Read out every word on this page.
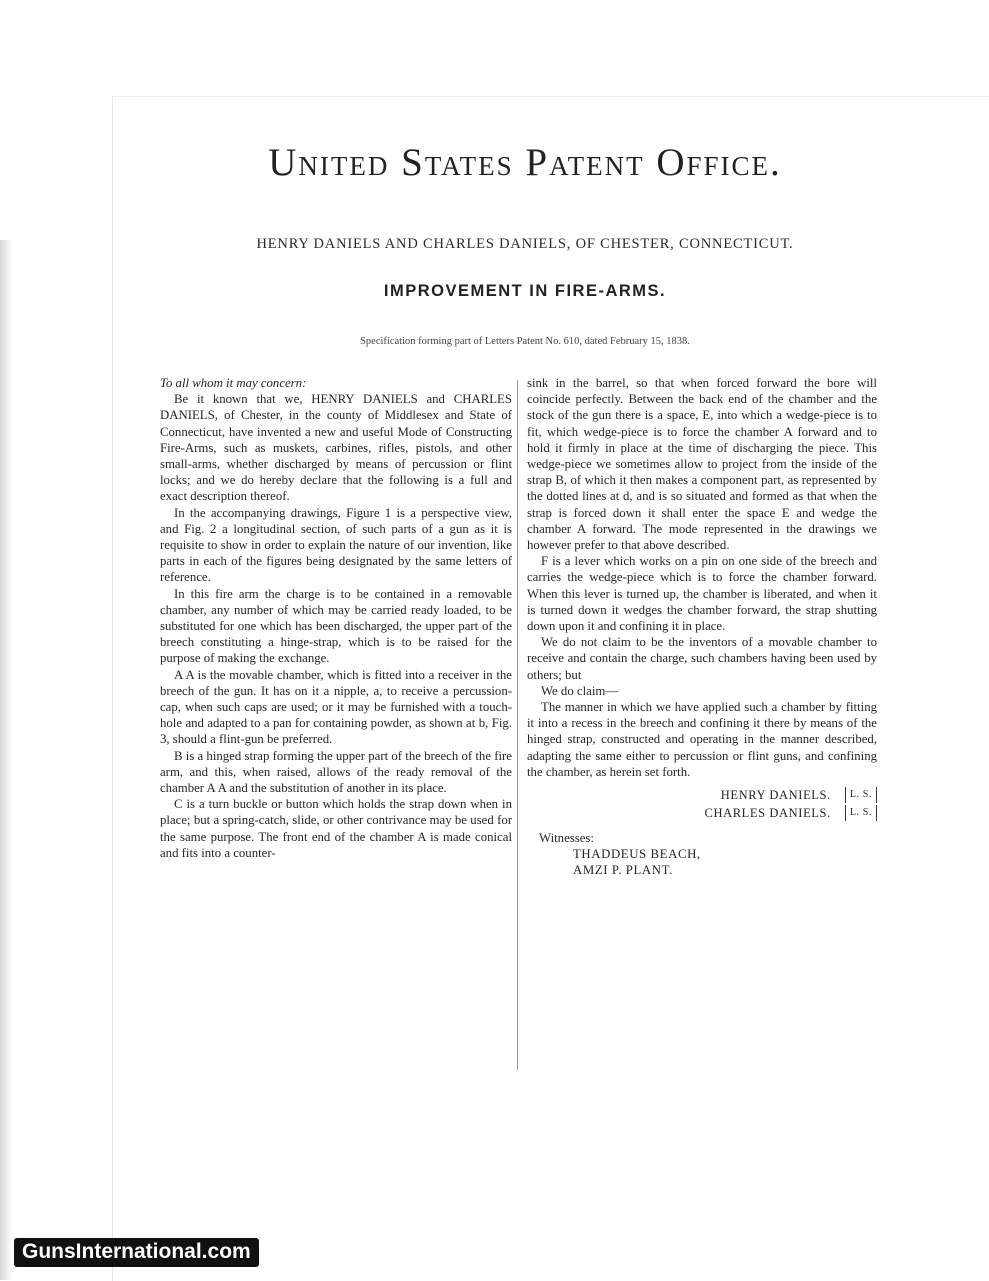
United States Patent Office.
HENRY DANIELS AND CHARLES DANIELS, OF CHESTER, CONNECTICUT.
IMPROVEMENT IN FIRE-ARMS.
Specification forming part of Letters Patent No. 610, dated February 15, 1838.

To all whom it may concern:

Be it known that we, HENRY DANIELS and CHARLES DANIELS, of Chester, in the county of Middlesex and State of Connecticut, have invented a new and useful Mode of Constructing Fire-Arms, such as muskets, carbines, rifles, pistols, and other small-arms, whether discharged by means of percussion or flint locks; and we do hereby declare that the following is a full and exact description thereof.

In the accompanying drawings, Figure 1 is a perspective view, and Fig. 2 a longitudinal section, of such parts of a gun as it is requisite to show in order to explain the nature of our invention, like parts in each of the figures being designated by the same letters of reference.

In this fire arm the charge is to be contained in a removable chamber, any number of which may be carried ready loaded, to be substituted for one which has been discharged, the upper part of the breech constituting a hinge-strap, which is to be raised for the purpose of making the exchange.

A A is the movable chamber, which is fitted into a receiver in the breech of the gun. It has on it a nipple, a, to receive a percussion-cap, when such caps are used; or it may be furnished with a touch-hole and adapted to a pan for containing powder, as shown at b, Fig. 3, should a flint-gun be preferred.

B is a hinged strap forming the upper part of the breech of the fire arm, and this, when raised, allows of the ready removal of the chamber A A and the substitution of another in its place.

C is a turn buckle or button which holds the strap down when in place; but a spring-catch, slide, or other contrivance may be used for the same purpose. The front end of the chamber A is made conical and fits into a counter-

sink in the barrel, so that when forced forward the bore will coincide perfectly. Between the back end of the chamber and the stock of the gun there is a space, E, into which a wedge-piece is to fit, which wedge-piece is to force the chamber A forward and to hold it firmly in place at the time of discharging the piece. This wedge-piece we sometimes allow to project from the inside of the strap B, of which it then makes a component part, as represented by the dotted lines at d, and is so situated and formed as that when the strap is forced down it shall enter the space E and wedge the chamber A forward. The mode represented in the drawings we however prefer to that above described.

F is a lever which works on a pin on one side of the breech and carries the wedge-piece which is to force the chamber forward. When this lever is turned up, the chamber is liberated, and when it is turned down it wedges the chamber forward, the strap shutting down upon it and confining it in place.

We do not claim to be the inventors of a movable chamber to receive and contain the charge, such chambers having been used by others; but

We do claim—

The manner in which we have applied such a chamber by fitting it into a recess in the breech and confining it there by means of the hinged strap, constructed and operating in the manner described, adapting the same either to percussion or flint guns, and confining the chamber, as herein set forth.

HENRY DANIELS.	L. S.
CHARLES DANIELS.	L. S.
Witnesses:
THADDEUS BEACH,
AMZI P. PLANT.
GunsInternational.com
